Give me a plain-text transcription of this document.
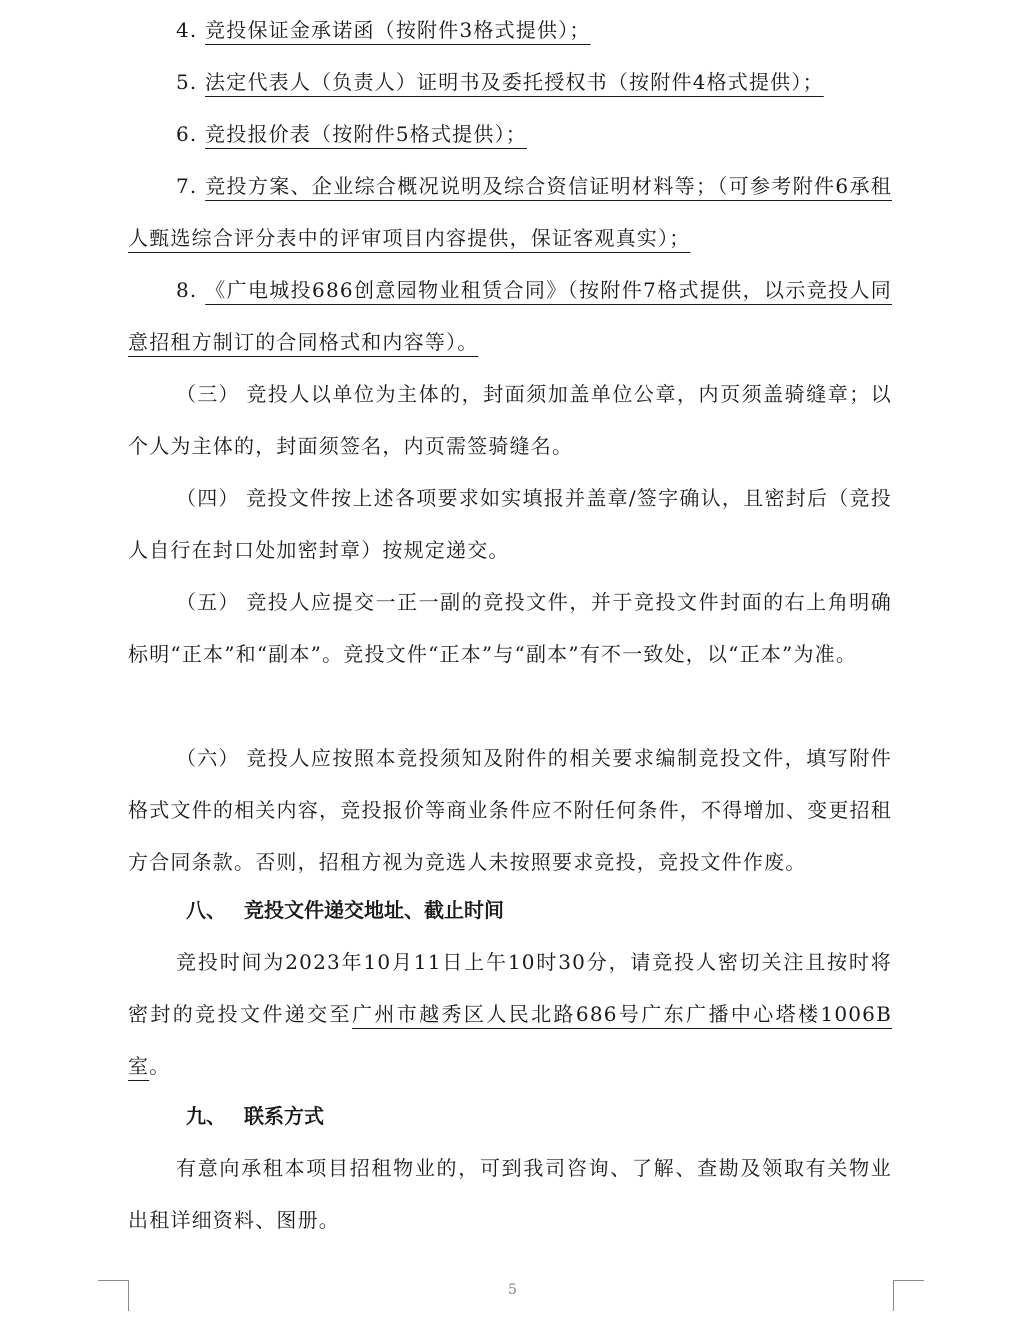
4. 竞投保证金承诺函（按附件3格式提供）；

5. 法定代表人（负责人）证明书及委托授权书（按附件4格式提供）；

6. 竞投报价表（按附件5格式提供）；

7. 竞投方案、企业综合概况说明及综合资信证明材料等；（可参考附件6承租人甄选综合评分表中的评审项目内容提供，保证客观真实）；

8. 《广电城投686创意园物业租赁合同》（按附件7格式提供，以示竞投人同意招租方制订的合同格式和内容等）。

（三） 竞投人以单位为主体的，封面须加盖单位公章，内页须盖骑缝章；以个人为主体的，封面须签名，内页需签骑缝名。

（四） 竞投文件按上述各项要求如实填报并盖章/签字确认，且密封后（竞投人自行在封口处加密封章）按规定递交。

（五） 竞投人应提交一正一副的竞投文件，并于竞投文件封面的右上角明确标明“正本”和“副本”。竞投文件“正本”与“副本”有不一致处，以“正本”为准。

（六） 竞投人应按照本竞投须知及附件的相关要求编制竞投文件，填写附件格式文件的相关内容，竞投报价等商业条件应不附任何条件，不得增加、变更招租方合同条款。否则，招租方视为竞选人未按照要求竞投，竞投文件作废。

八、 竞投文件递交地址、截止时间

竞投时间为2023年10月11日上午10时30分，请竞投人密切关注且按时将密封的竞投文件递交至广州市越秀区人民北路686号广东广播中心塔楼1006B室。

九、 联系方式

有意向承租本项目招租物业的，可到我司咨询、了解、查勘及领取有关物业出租详细资料、图册。

5
